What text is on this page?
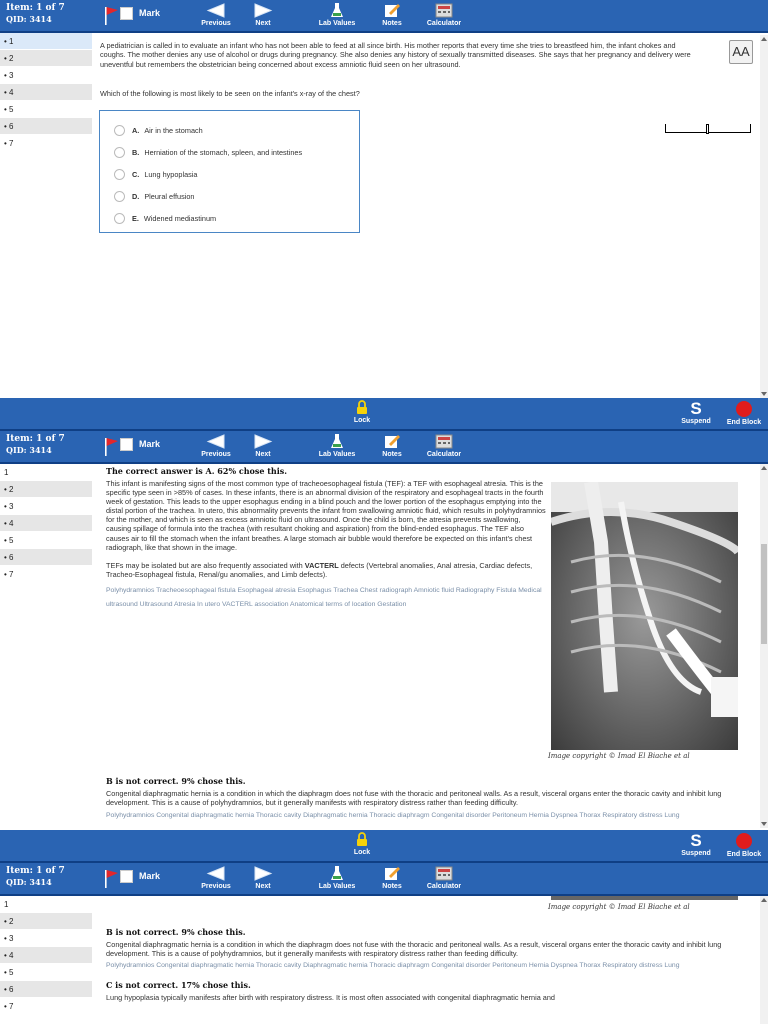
Item: 1 of 7
QID: 3414
Mark
Previous	Next	Lab Values	Notes	Calculator
• 1
• 2
• 3
• 4
• 5
• 6
• 7
A pediatrician is called in to evaluate an infant who has not been able to feed at all since birth. His mother reports that every time she tries to breastfeed him, the infant chokes and coughs. The mother denies any use of alcohol or drugs during pregnancy. She also denies any history of sexually transmitted diseases. She says that her pregnancy and delivery were uneventful but remembers the obstetrician being concerned about excess amniotic fluid seen on her ultrasound.
Which of the following is most likely to be seen on the infant's x-ray of the chest?
A. Air in the stomach
B. Herniation of the stomach, spleen, and intestines
C. Lung hypoplasia
D. Pleural effusion
E. Widened mediastinum
AA
Lock
S
Suspend	End Block
Item: 1 of 7
QID: 3414
Mark
Previous	Next	Lab Values	Notes	Calculator
1
• 2
• 3
• 4
• 5
• 6
• 7
The correct answer is A. 62% chose this.
This infant is manifesting signs of the most common type of tracheoesophageal fistula (TEF): a TEF with esophageal atresia. This is the specific type seen in >85% of cases. In these infants, there is an abnormal division of the respiratory and esophageal tracts in the fourth week of gestation. This leads to the upper esophagus ending in a blind pouch and the lower portion of the esophagus emptying into the distal portion of the trachea. In utero, this abnormality prevents the infant from swallowing amniotic fluid, which results in polyhydramnios for the mother, and which is seen as excess amniotic fluid on ultrasound. Once the child is born, the atresia prevents swallowing, causing spillage of formula into the trachea (with resultant choking and aspiration) from the blind-ended esophagus. The TEF also causes air to fill the stomach when the infant breathes. A large stomach air bubble would therefore be expected on this infant's chest radiograph, like that shown in the image.
TEFs may be isolated but are also frequently associated with VACTERL defects (Vertebral anomalies, Anal atresia, Cardiac defects, Tracheo-Esophageal fistula, Renal/gu anomalies, and Limb defects).
Polyhydramnios Tracheoesophageal fistula Esophageal atresia Esophagus Trachea Chest radiograph Amniotic fluid Radiography Fistula Medical ultrasound Ultrasound Atresia In utero VACTERL association Anatomical terms of location Gestation
Image copyright © Imad El Biache et al
B is not correct. 9% chose this.
Congenital diaphragmatic hernia is a condition in which the diaphragm does not fuse with the thoracic and peritoneal walls. As a result, visceral organs enter the thoracic cavity and inhibit lung development. This is a cause of polyhydramnios, but it generally manifests with respiratory distress rather than feeding difficulty.
Polyhydramnios Congenital diaphragmatic hernia Thoracic cavity Diaphragmatic hernia Thoracic diaphragm Congenital disorder Peritoneum Hernia Dyspnea Thorax Respiratory distress Lung
Lock
S
Suspend	End Block
Item: 1 of 7
QID: 3414
Mark
Previous	Next	Lab Values	Notes	Calculator
1
• 2
• 3
• 4
• 5
• 6
• 7
Image copyright © Imad El Biache et al
B is not correct. 9% chose this.
Congenital diaphragmatic hernia is a condition in which the diaphragm does not fuse with the thoracic and peritoneal walls. As a result, visceral organs enter the thoracic cavity and inhibit lung development. This is a cause of polyhydramnios, but it generally manifests with respiratory distress rather than feeding difficulty.
Polyhydramnios Congenital diaphragmatic hernia Thoracic cavity Diaphragmatic hernia Thoracic diaphragm Congenital disorder Peritoneum Hernia Dyspnea Thorax Respiratory distress Lung
C is not correct. 17% chose this.
Lung hypoplasia typically manifests after birth with respiratory distress. It is most often associated with congenital diaphragmatic hernia and
